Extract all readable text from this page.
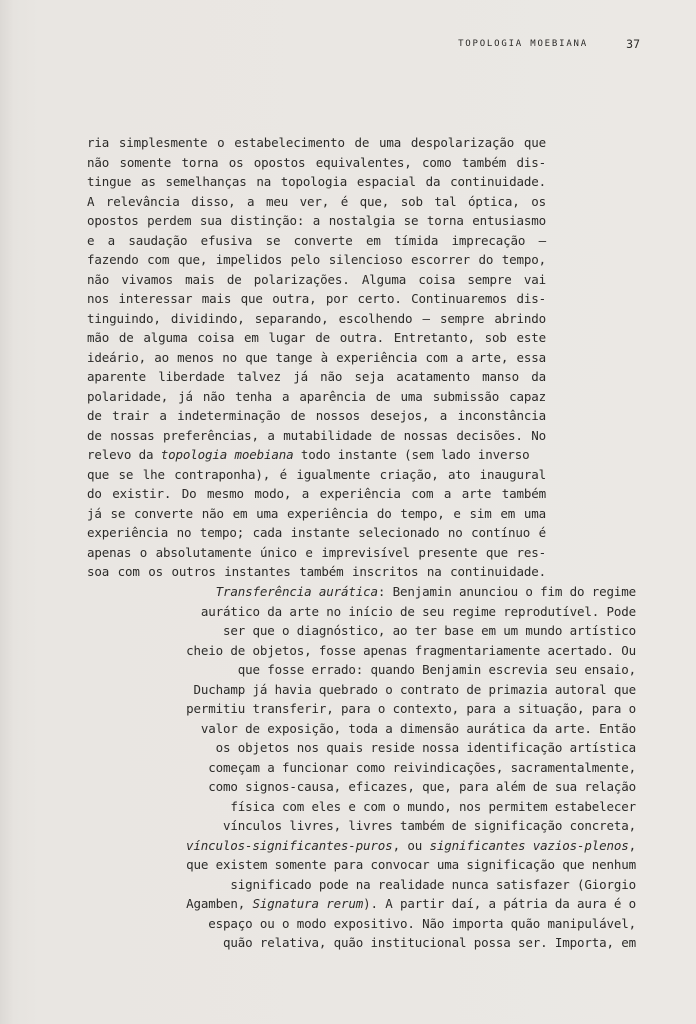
TOPOLOGIA MOEBIANA	37
ria simplesmente o estabelecimento de uma despolarização que
não somente torna os opostos equivalentes, como também dis-
tingue as semelhanças na topologia espacial da continuidade.
A relevância disso, a meu ver, é que, sob tal óptica, os
opostos perdem sua distinção: a nostalgia se torna entusiasmo
e a saudação efusiva se converte em tímida imprecação –
fazendo com que, impelidos pelo silencioso escorrer do tempo,
não vivamos mais de polarizações. Alguma coisa sempre vai
nos interessar mais que outra, por certo. Continuaremos dis-
tinguindo, dividindo, separando, escolhendo – sempre abrindo
mão de alguma coisa em lugar de outra. Entretanto, sob este
ideário, ao menos no que tange à experiência com a arte, essa
aparente liberdade talvez já não seja acatamento manso da
polaridade, já não tenha a aparência de uma submissão capaz
de trair a indeterminação de nossos desejos, a inconstância
de nossas preferências, a mutabilidade de nossas decisões. No
relevo da topologia moebiana todo instante (sem lado inverso
que se lhe contraponha), é igualmente criação, ato inaugural
do existir. Do mesmo modo, a experiência com a arte também
já se converte não em uma experiência do tempo, e sim em uma
experiência no tempo; cada instante selecionado no contínuo é
apenas o absolutamente único e imprevisível presente que res-
soa com os outros instantes também inscritos na continuidade.
Transferência aurática: Benjamin anunciou o fim do regime
aurático da arte no início de seu regime reprodutível. Pode
ser que o diagnóstico, ao ter base em um mundo artístico
cheio de objetos, fosse apenas fragmentariamente acertado. Ou
que fosse errado: quando Benjamin escrevia seu ensaio,
Duchamp já havia quebrado o contrato de primazia autoral que
permitiu transferir, para o contexto, para a situação, para o
valor de exposição, toda a dimensão aurática da arte. Então
os objetos nos quais reside nossa identificação artística
começam a funcionar como reivindicações, sacramentalmente,
como signos-causa, eficazes, que, para além de sua relação
física com eles e com o mundo, nos permitem estabelecer
vínculos livres, livres também de significação concreta,
vínculos-significantes-puros, ou significantes vazios-plenos,
que existem somente para convocar uma significação que nenhum
significado pode na realidade nunca satisfazer (Giorgio
Agamben, Signatura rerum). A partir daí, a pátria da aura é o
espaço ou o modo expositivo. Não importa quão manipulável,
quão relativa, quão institucional possa ser. Importa, em
